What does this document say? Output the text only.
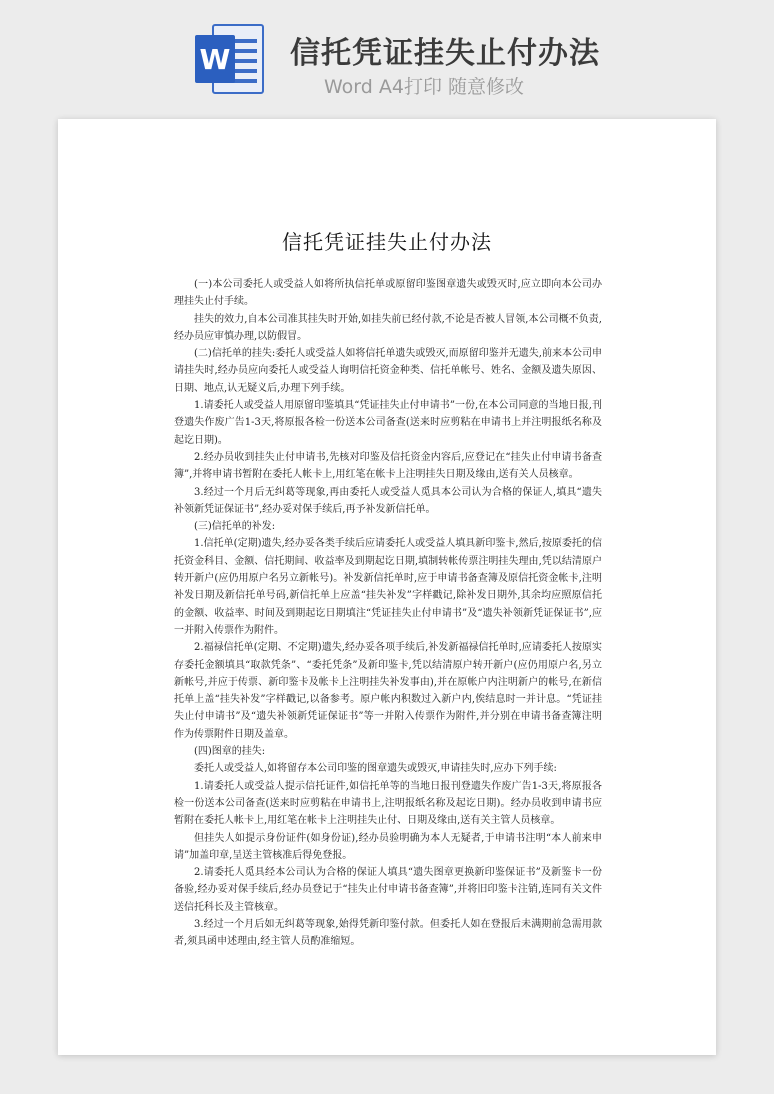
W 信托凭证挂失止付办法
Word A4打印 随意修改
信托凭证挂失止付办法

(一)本公司委托人或受益人如将所执信托单或原留印鉴图章遗失或毁灭时,应立即向本公司办理挂失止付手续。

挂失的效力,自本公司准其挂失时开始,如挂失前已经付款,不论是否被人冒领,本公司概不负责,经办员应审慎办理,以防假冒。

(二)信托单的挂失:委托人或受益人如将信托单遗失或毁灭,而原留印鉴并无遗失,前来本公司申请挂失时,经办员应向委托人或受益人询明信托资金种类、信托单帐号、姓名、金额及遗失原因、日期、地点,认无疑义后,办理下列手续。

1.请委托人或受益人用原留印鉴填具“凭证挂失止付申请书”一份,在本公司同意的当地日报,刊登遗失作废广告1-3天,将原报各检一份送本公司备查(送来时应剪粘在申请书上并注明报纸名称及起讫日期)。

2.经办员收到挂失止付申请书,先核对印鉴及信托资金内容后,应登记在“挂失止付申请书备查簿”,并将申请书暂附在委托人帐卡上,用红笔在帐卡上注明挂失日期及缘由,送有关人员核章。

3.经过一个月后无纠葛等现象,再由委托人或受益人觅具本公司认为合格的保证人,填具“遗失补领新凭证保证书”,经办妥对保手续后,再予补发新信托单。

(三)信托单的补发:

1.信托单(定期)遗失,经办妥各类手续后应请委托人或受益人填具新印鉴卡,然后,按原委托的信托资金科目、金额、信托期间、收益率及到期起讫日期,填制转帐传票注明挂失理由,凭以结清原户转开新户(应仍用原户名另立新帐号)。补发新信托单时,应于申请书备查簿及原信托资金帐卡,注明补发日期及新信托单号码,新信托单上应盖“挂失补发”字样戳记,除补发日期外,其余均应照原信托的金额、收益率、时间及到期起讫日期填注“凭证挂失止付申请书”及“遗失补领新凭证保证书”,应一并附入传票作为附件。

2.福禄信托单(定期、不定期)遗失,经办妥各项手续后,补发新福禄信托单时,应请委托人按原实存委托金额填具“取款凭条”、“委托凭条”及新印鉴卡,凭以结清原户转开新户(应仍用原户名,另立新帐号,并应于传票、新印鉴卡及帐卡上注明挂失补发事由),并在原帐户内注明新户的帐号,在新信托单上盖“挂失补发”字样戳记,以备参考。原户帐内积数过入新户内,俟结息时一并计息。“凭证挂失止付申请书”及“遗失补领新凭证保证书”等一并附入传票作为附件,并分别在申请书备查簿注明作为传票附件日期及盖章。

(四)图章的挂失:

委托人或受益人,如将留存本公司印鉴的图章遗失或毁灭,申请挂失时,应办下列手续:

1.请委托人或受益人提示信托证件,如信托单等的当地日报刊登遗失作废广告1-3天,将原报各检一份送本公司备查(送来时应剪粘在申请书上,注明报纸名称及起讫日期)。经办员收到申请书应暂附在委托人帐卡上,用红笔在帐卡上注明挂失止付、日期及缘由,送有关主管人员核章。

但挂失人如提示身份证件(如身份证),经办员验明确为本人无疑者,于申请书注明“本人前来申请”加盖印章,呈送主管核准后得免登报。

2.请委托人觅具经本公司认为合格的保证人填具“遗失图章更换新印鉴保证书”及新鉴卡一份备验,经办妥对保手续后,经办员登记于“挂失止付申请书备查簿”,并将旧印鉴卡注销,连同有关文件送信托科长及主管核章。

3.经过一个月后如无纠葛等现象,始得凭新印鉴付款。但委托人如在登报后未满期前急需用款者,须具函申述理由,经主管人员酌准缩短。
